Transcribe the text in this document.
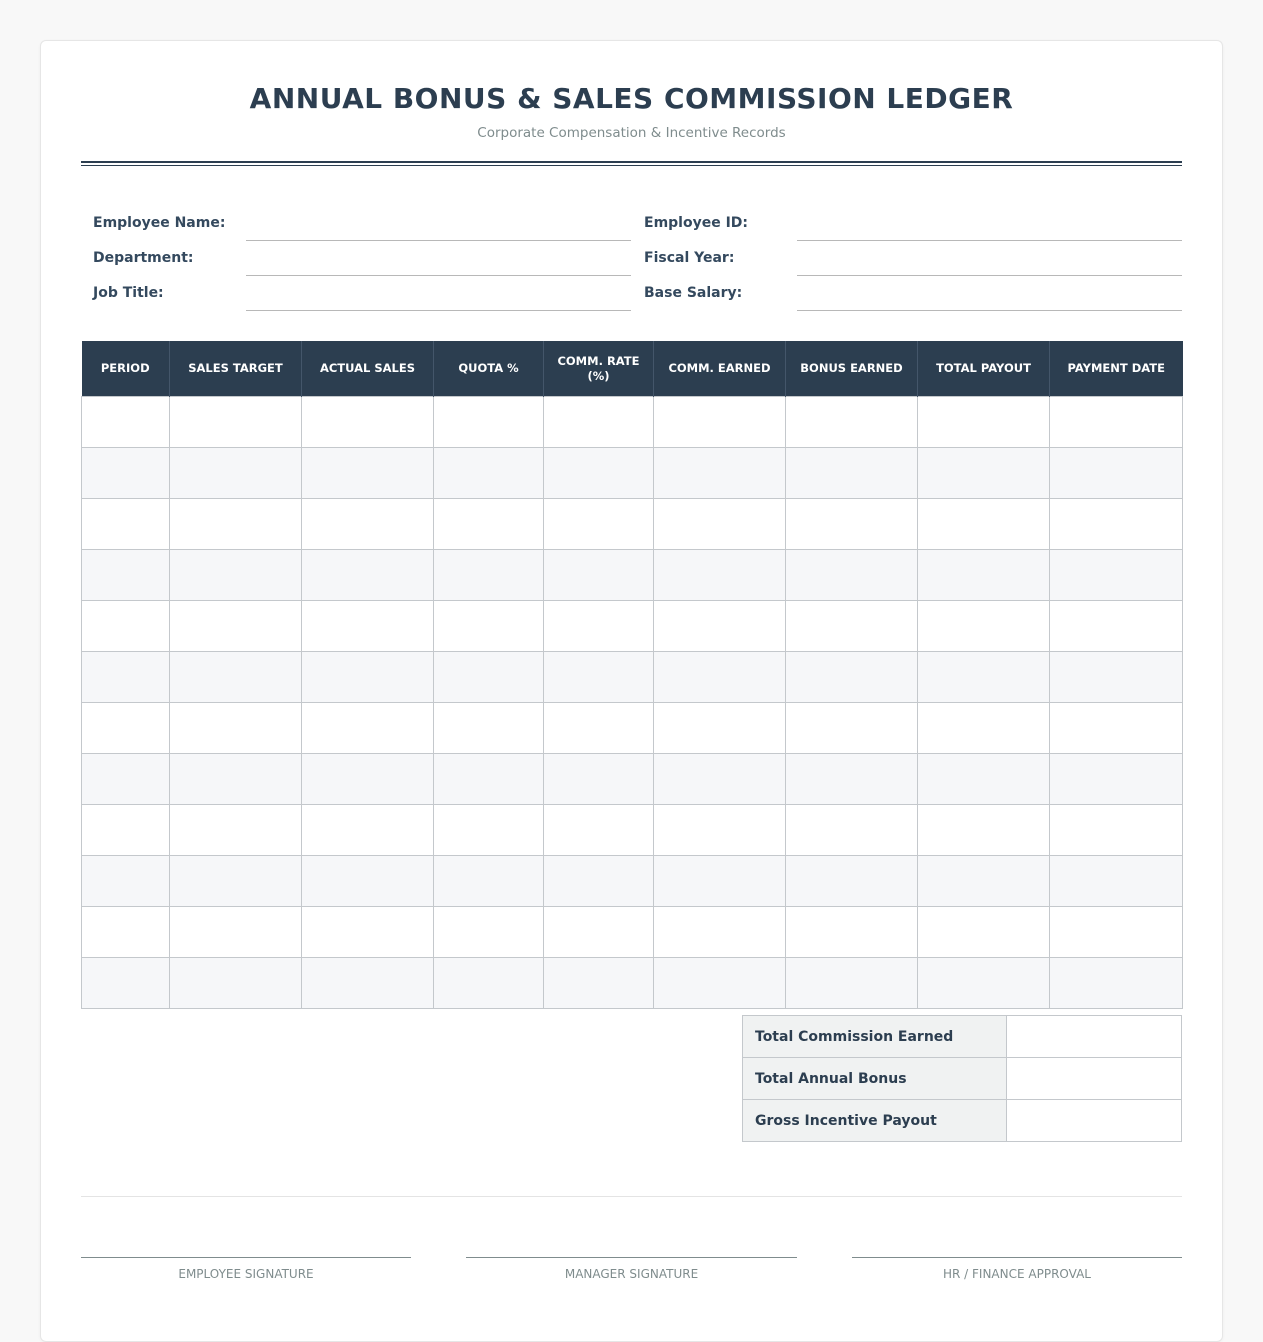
ANNUAL BONUS & SALES COMMISSION LEDGER
Corporate Compensation & Incentive Records
Employee Name:	Employee ID:
Department:	Fiscal Year:
Job Title:	Base Salary:
PERIOD	SALES TARGET	ACTUAL SALES	QUOTA %	COMM. RATE (%)	COMM. EARNED	BONUS EARNED	TOTAL PAYOUT	PAYMENT DATE

Total Commission Earned	
Total Annual Bonus	
Gross Incentive Payout	
EMPLOYEE SIGNATURE	MANAGER SIGNATURE	HR / FINANCE APPROVAL
